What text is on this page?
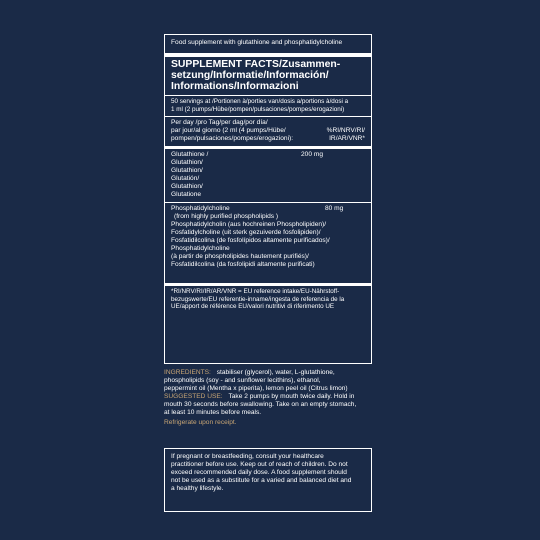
Food supplement with glutathione and phosphatidylcholine
SUPPLEMENT FACTS/Zusammen-
setzung/Informatie/Información/
Informations/Informazioni
50 servings at /Portionen à/porties van/dosis a/portions à/dosi a
1 ml (2 pumps/Hübe/pompen/pulsaciones/pompes/erogazioni)
Per day /pro Tag/per dag/por día/
par jour/al giorno (2 ml (4 pumps/Hübe/
pompen/pulsaciones/pompes/erogazioni):
%RI/NRV/RI/
IR/AR/VNR*
Glutathione /
Glutathion/
Glutathion/
Glutatión/
Glutathion/
Glutatione
200 mg
Phosphatidylcholine
(from highly purified phospholipids )
Phosphatidylcholin (aus hochreinen Phospholipiden)/
Fosfatidylcholine (uit sterk gezuiverde fosfolipiden)/
Fosfatidilcolina (de fosfolípidos altamente purificados)/
Phosphatidylcholine
(à partir de phospholipides hautement purifiés)/
Fosfatidilcolina (da fosfolipidi altamente purificati)
80 mg
*RI/NRV/RI/IR/AR/VNR = EU reference intake/EU-Nährstoff-
bezugswerte/EU referentie-inname/ingesta de referencia de la
UE/apport de référence EU/valori nutritivi di riferimento UE
INGREDIENTS: stabiliser (glycerol), water, L-glutathione,
phospholipids (soy - and sunflower lecithins), ethanol,
peppermint oil (Mentha x piperita), lemon peel oil (Citrus limon)
SUGGESTED USE: Take 2 pumps by mouth twice daily. Hold in
mouth 30 seconds before swallowing. Take on an empty stomach,
at least 10 minutes before meals.
Refrigerate upon receipt.
If pregnant or breastfeeding, consult your healthcare
practitioner before use. Keep out of reach of children. Do not
exceed recommended daily dose. A food supplement should
not be used as a substitute for a varied and balanced diet and
a healthy lifestyle.
